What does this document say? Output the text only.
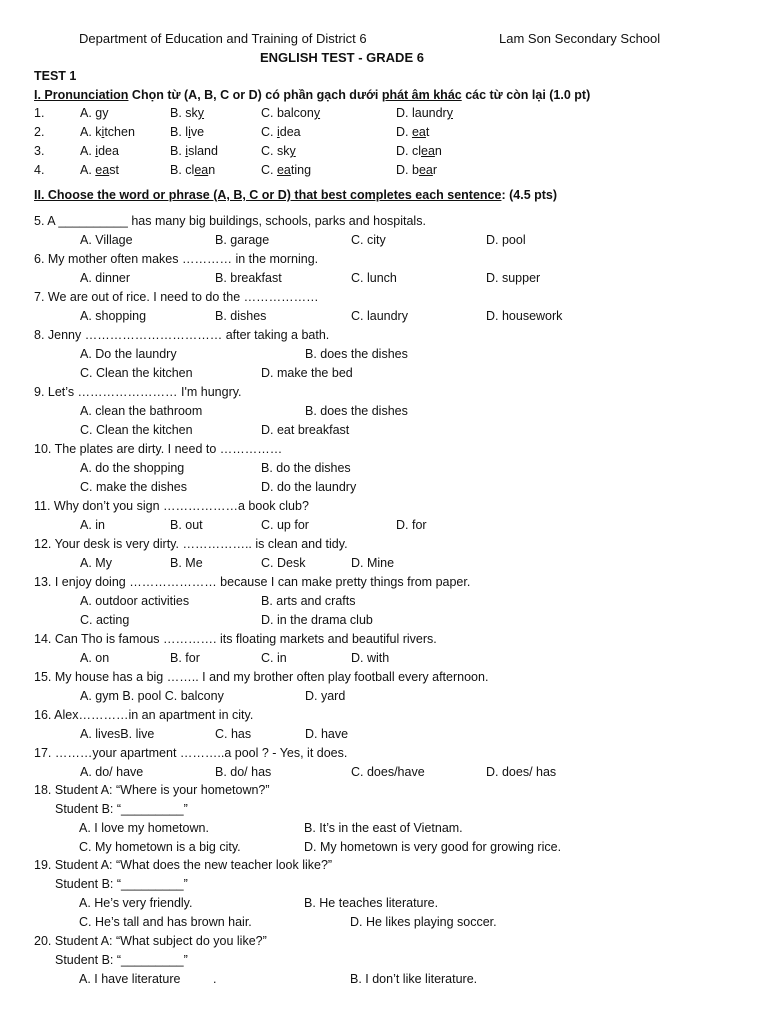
Department of Education and Training of District 6	Lam Son Secondary School
ENGLISH TEST - GRADE 6
TEST 1
I. Pronunciation Chọn từ (A, B, C or D) có phần gạch dưới phát âm khác các từ còn lại (1.0 pt)
1.	A. gy	B. sky	C. balcony	D. laundry
2.	A. kitchen	B. live	C. idea	D. eat
3.	A. idea	B. island	C. sky	D. clean
4.	A. east	B. clean	C. eating	D. bear
II. Choose the word or phrase (A, B, C or D) that best completes each sentence: (4.5 pts)
5. A __________ has many big buildings, schools, parks and hospitals.
A. Village	B. garage	C. city	D. pool
6. My mother often makes ………… in the morning.
A. dinner	B. breakfast	C. lunch	D. supper
7. We are out of rice. I need to do the ………………
A. shopping	B. dishes	C. laundry	D. housework
8. Jenny …………………………… after taking a bath.
A. Do the laundry	B. does the dishes
C. Clean the kitchen	D. make the bed
9. Let’s …………………… I'm hungry.
A. clean the bathroom	B. does the dishes
C. Clean the kitchen	D. eat breakfast
10. The plates are dirty. I need to ……………
A. do the shopping	B. do the dishes
C. make the dishes	D. do the laundry
11. Why don’t you sign ………………a book club?
A. in	B. out	C. up for	D. for
12. Your desk is very dirty. …………….. is clean and tidy.
A. My	B. Me	C. Desk	D. Mine
13. I enjoy doing ………………… because I can make pretty things from paper.
A. outdoor activities	B. arts and crafts
C. acting	D. in the drama club
14. Can Tho is famous …………. its floating markets and beautiful rivers.
A. on	B. for	C. in	D. with
15. My house has a big …….. I and my brother often play football every afternoon.
A. gym B. pool C. balcony	D. yard
16. Alex…………in an apartment in city.
A. livesB. live	C. has	D. have
17. ………your apartment ………..a pool ? - Yes, it does.
A. do/ have	B. do/ has	C. does/have	D. does/ has
18. Student A: “Where is your hometown?”
Student B: “_________”
A. I love my hometown.	B. It’s in the east of Vietnam.
C. My hometown is a big city.	D. My hometown is very good for growing rice.
19. Student A: “What does the new teacher look like?”
Student B: “_________”
A. He’s very friendly.	B. He teaches literature.
C. He’s tall and has brown hair.	D. He likes playing soccer.
20. Student A: “What subject do you like?”
Student B: “_________”
A. I have literature	.	B. I don’t like literature.
